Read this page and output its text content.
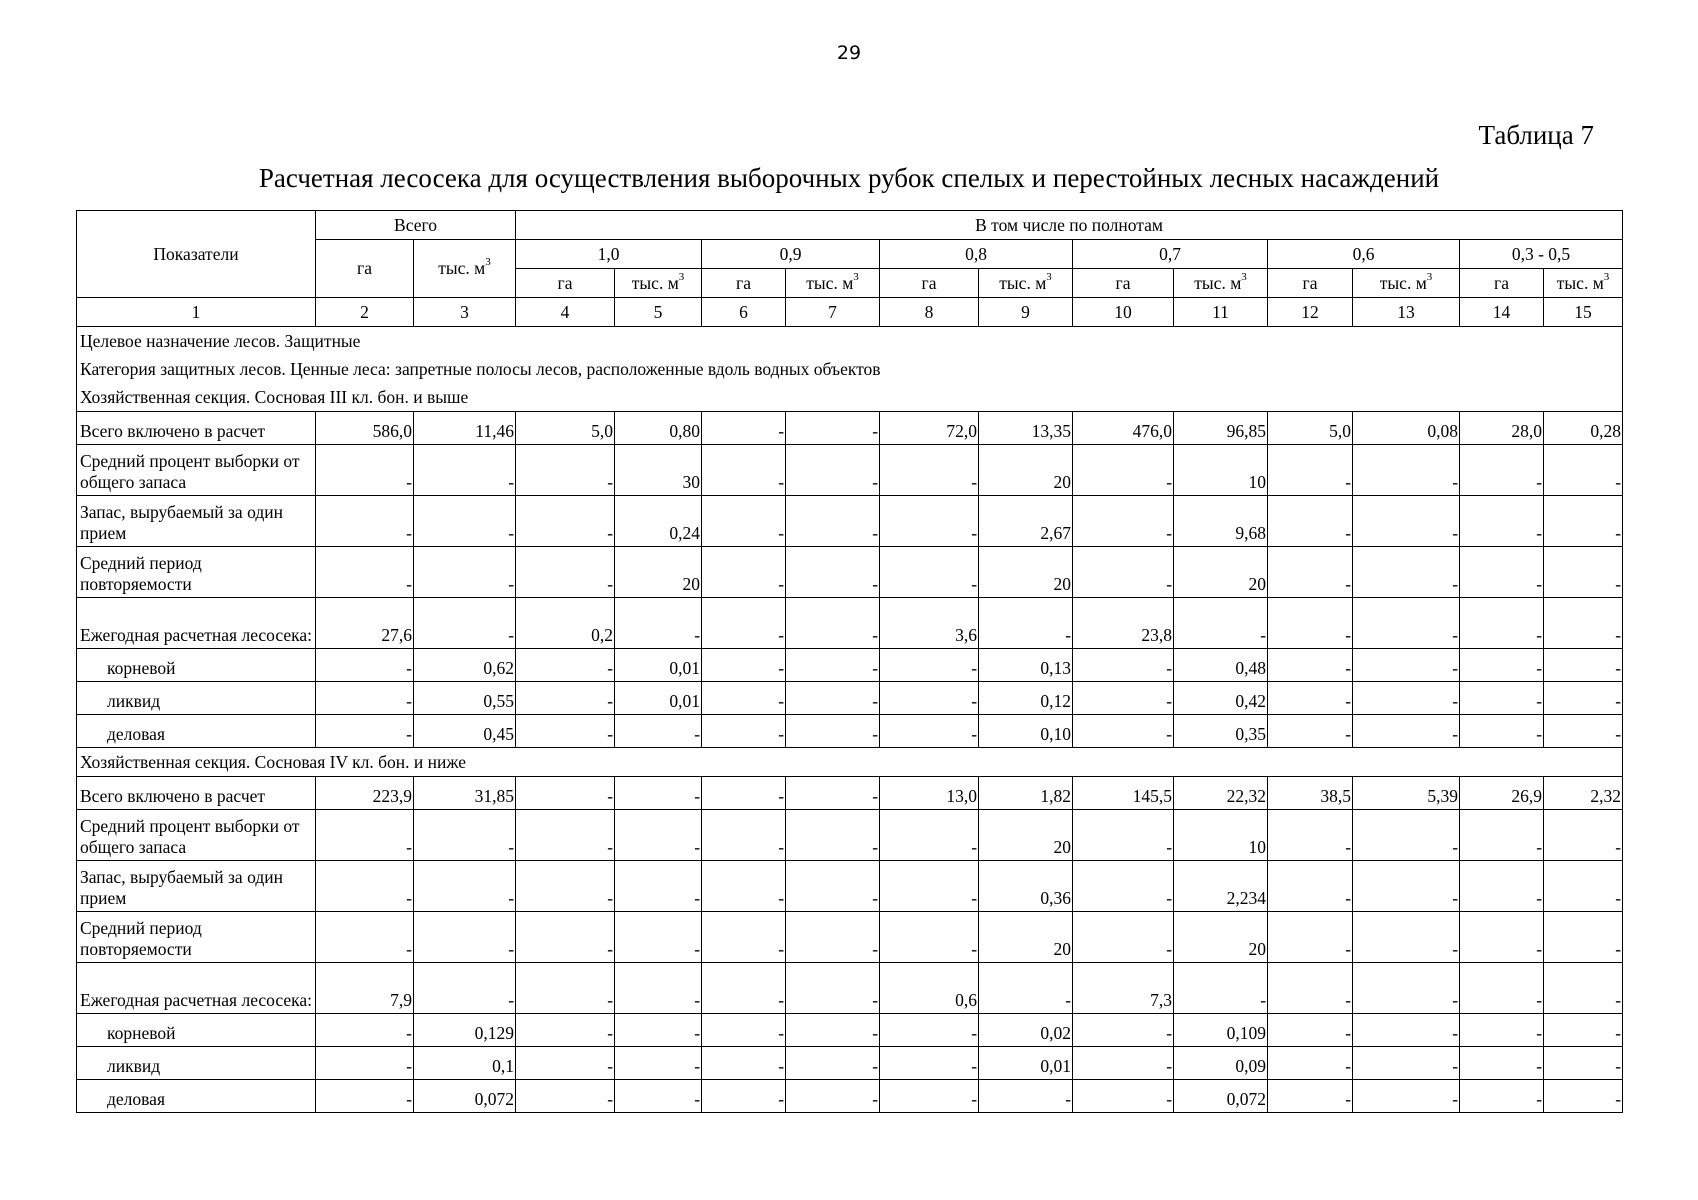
29
Таблица 7
Расчетная лесосека для осуществления выборочных рубок спелых и перестойных лесных насаждений
Показатели	Всего		В том числе по полнотам											
	га	тыс. $м^3$	1,0		0,9		0,8		0,7		0,6		0,3 - 0,5	
			га	тыс. $м^3$	га	тыс. $м^3$	га	тыс. $м^3$	га	тыс. $м^3$	га	тыс. $м^3$	га	тыс. $м^3$
1	2	3	4	5	6	7	8	9	10	11	12	13	14	15
Целевое назначение лесов. Защитные														
Категория защитных лесов. Ценные леса: запретные полосы лесов, расположенные вдоль водных объектов														
Хозяйственная секция. Сосновая III кл. бон. и выше														
Всего включено в расчет	586,0	11,46	5,0	0,80	-	-	72,0	13,35	476,0	96,85	5,0	0,08	28,0	0,28
Средний процент выборки от общего запаса	-	-	-	30	-	-	-	20	-	10	-	-	-	-
Запас, вырубаемый за один прием	-	-	-	0,24	-	-	-	2,67	-	9,68	-	-	-	-
Средний период повторяемости	-	-	-	20	-	-	-	20	-	20	-	-	-	-
Ежегодная расчетная лесосека:	27,6	-	0,2	-	-	-	3,6	-	23,8	-	-	-	-	-
корневой	-	0,62	-	0,01	-	-	-	0,13	-	0,48	-	-	-	-
ликвид	-	0,55	-	0,01	-	-	-	0,12	-	0,42	-	-	-	-
деловая	-	0,45	-	-	-	-	-	0,10	-	0,35	-	-	-	-
Хозяйственная секция. Сосновая IV кл. бон. и ниже														
Всего включено в расчет	223,9	31,85	-	-	-	-	13,0	1,82	145,5	22,32	38,5	5,39	26,9	2,32
Средний процент выборки от общего запаса	-	-	-	-	-	-	-	20	-	10	-	-	-	-
Запас, вырубаемый за один прием	-	-	-	-	-	-	-	0,36	-	2,234	-	-	-	-
Средний период повторяемости	-	-	-	-	-	-	-	20	-	20	-	-	-	-
Ежегодная расчетная лесосека:	7,9	-	-	-	-	-	0,6	-	7,3	-	-	-	-	-
корневой	-	0,129	-	-	-	-	-	0,02	-	0,109	-	-	-	-
ликвид	-	0,1	-	-	-	-	-	0,01	-	0,09	-	-	-	-
деловая	-	0,072	-	-	-	-	-	-	-	0,072	-	-	-	-
